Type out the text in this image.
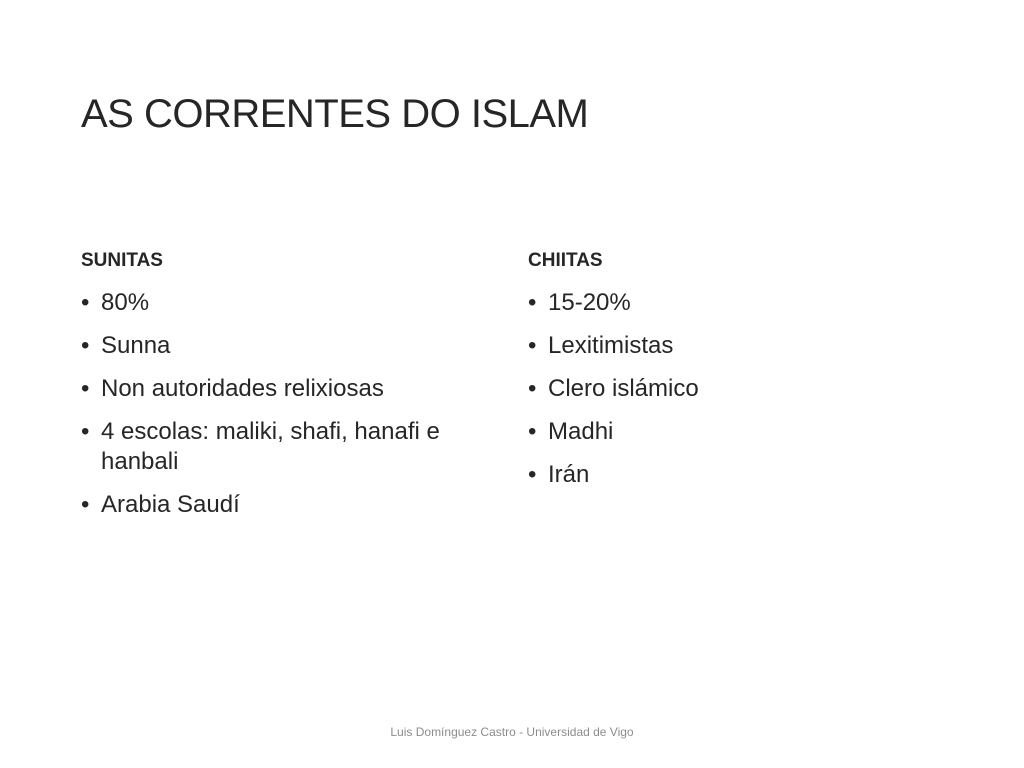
AS CORRENTES DO ISLAM
SUNITAS
• 80%
• Sunna
• Non autoridades relixiosas
• 4 escolas: maliki, shafi, hanafi e hanbali
• Arabia Saudí
CHIITAS
• 15-20%
• Lexitimistas
• Clero islámico
• Madhi
• Irán
Luis Domínguez Castro - Universidad de Vigo
